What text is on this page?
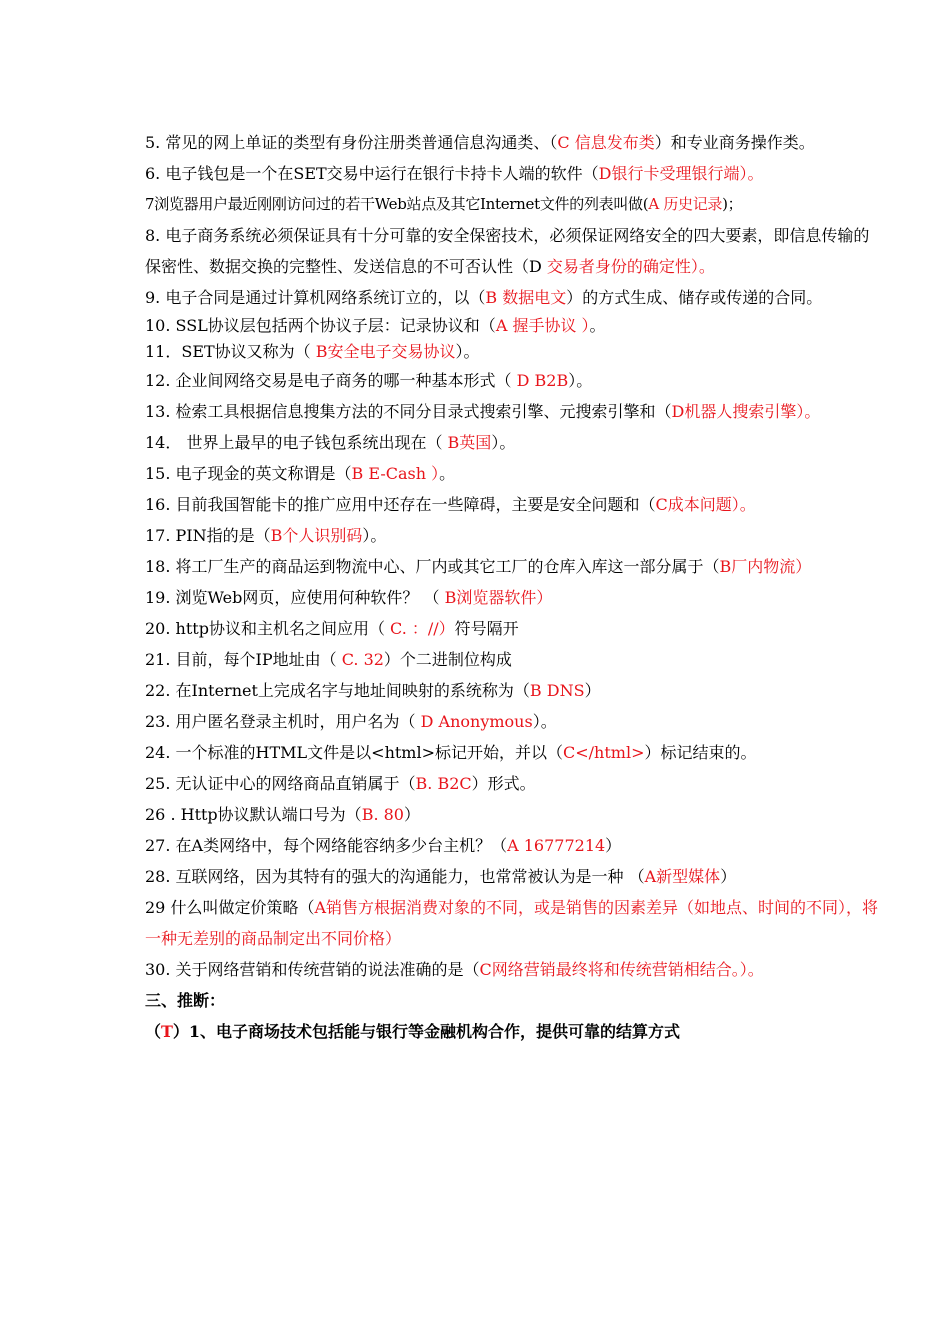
5. 常见的网上单证的类型有身份注册类普通信息沟通类、（C 信息发布类）和专业商务操作类。

6. 电子钱包是一个在SET交易中运行在银行卡持卡人端的软件（D银行卡受理银行端）。

7浏览器用户最近刚刚访问过的若干Web站点及其它Internet文件的列表叫做(A 历史记录)；

8. 电子商务系统必须保证具有十分可靠的安全保密技术，必须保证网络安全的四大要素，即信息传输的保密性、数据交换的完整性、发送信息的不可否认性（D 交易者身份的确定性）。

9. 电子合同是通过计算机网络系统订立的，以（B 数据电文）的方式生成、储存或传递的合同。

10. SSL协议层包括两个协议子层：记录协议和（A 握手协议 ）。

11．SET协议又称为（ B安全电子交易协议）。

12. 企业间网络交易是电子商务的哪一种基本形式（ D B2B）。

13. 检索工具根据信息搜集方法的不同分目录式搜索引擎、元搜索引擎和（D机器人搜索引擎）。

14． 世界上最早的电子钱包系统出现在（ B英国）。

15. 电子现金的英文称谓是（B E-Cash ）。

16. 目前我国智能卡的推广应用中还存在一些障碍，主要是安全问题和（C成本问题）。

17. PIN指的是（B个人识别码）。

18. 将工厂生产的商品运到物流中心、厂内或其它工厂的仓库入库这一部分属于（B厂内物流）

19. 浏览Web网页，应使用何种软件？ （ B浏览器软件）

20. http协议和主机名之间应用（ C. ：//）符号隔开

21. 目前，每个IP地址由（ C. 32）个二进制位构成

22. 在Internet上完成名字与地址间映射的系统称为（B DNS）

23. 用户匿名登录主机时，用户名为（ D Anonymous）。

24. 一个标准的HTML文件是以<html>标记开始，并以（C</html>）标记结束的。

25. 无认证中心的网络商品直销属于（B. B2C）形式。

26 . Http协议默认端口号为（B. 80）

27. 在A类网络中，每个网络能容纳多少台主机？（A 16777214）

28. 互联网络，因为其特有的强大的沟通能力，也常常被认为是一种 （A新型媒体）

29 什么叫做定价策略（A销售方根据消费对象的不同，或是销售的因素差异（如地点、时间的不同），将一种无差别的商品制定出不同价格）

30. 关于网络营销和传统营销的说法准确的是（C网络营销最终将和传统营销相结合。）。

三、推断：

（T）1、电子商场技术包括能与银行等金融机构合作，提供可靠的结算方式
